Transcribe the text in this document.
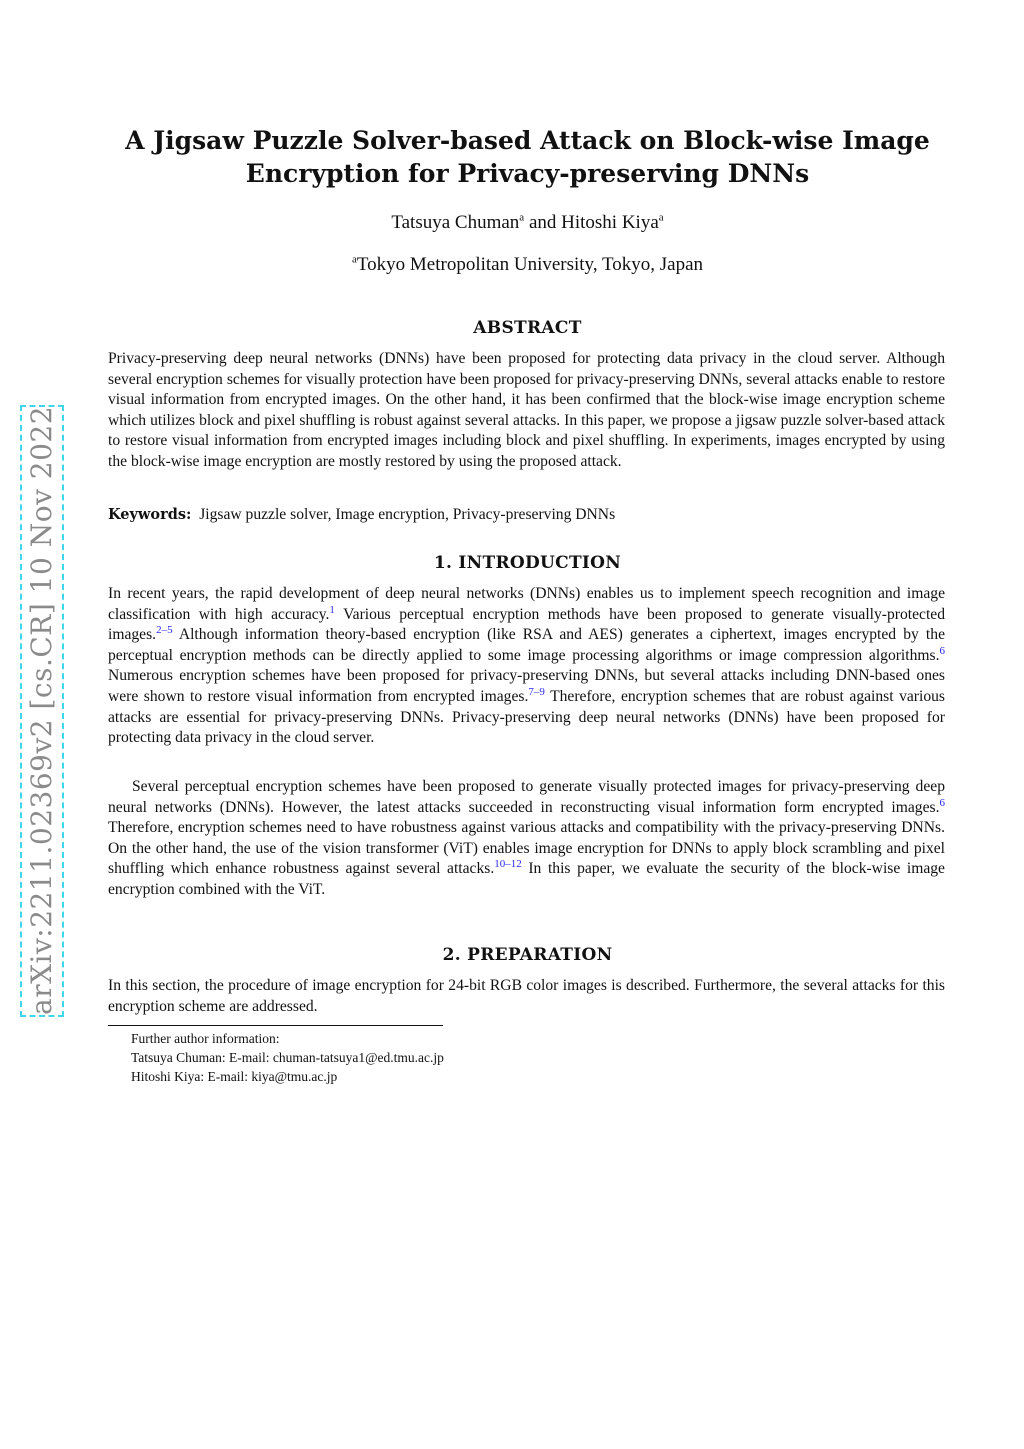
arXiv:2211.02369v2 [cs.CR] 10 Nov 2022
A Jigsaw Puzzle Solver-based Attack on Block-wise Image
Encryption for Privacy-preserving DNNs
Tatsuya Chuman$^a$ and Hitoshi Kiya$^a$
$^a$Tokyo Metropolitan University, Tokyo, Japan
ABSTRACT

Privacy-preserving deep neural networks (DNNs) have been proposed for protecting data privacy in the cloud server. Although several encryption schemes for visually protection have been proposed for privacy-preserving DNNs, several attacks enable to restore visual information from encrypted images. On the other hand, it has been confirmed that the block-wise image encryption scheme which utilizes block and pixel shuffling is robust against several attacks. In this paper, we propose a jigsaw puzzle solver-based attack to restore visual information from encrypted images including block and pixel shuffling. In experiments, images encrypted by using the block-wise image encryption are mostly restored by using the proposed attack.

Keywords: Jigsaw puzzle solver, Image encryption, Privacy-preserving DNNs

1. INTRODUCTION

In recent years, the rapid development of deep neural networks (DNNs) enables us to implement speech recognition and image classification with high accuracy.$^1$ Various perceptual encryption methods have been proposed to generate visually-protected images.$^{2-5}$ Although information theory-based encryption (like RSA and AES) generates a ciphertext, images encrypted by the perceptual encryption methods can be directly applied to some image processing algorithms or image compression algorithms.$^6$ Numerous encryption schemes have been proposed for privacy-preserving DNNs, but several attacks including DNN-based ones were shown to restore visual information from encrypted images.$^{7-9}$ Therefore, encryption schemes that are robust against various attacks are essential for privacy-preserving DNNs. Privacy-preserving deep neural networks (DNNs) have been proposed for protecting data privacy in the cloud server.

Several perceptual encryption schemes have been proposed to generate visually protected images for privacy-preserving deep neural networks (DNNs). However, the latest attacks succeeded in reconstructing visual information form encrypted images.$^6$ Therefore, encryption schemes need to have robustness against various attacks and compatibility with the privacy-preserving DNNs. On the other hand, the use of the vision transformer (ViT) enables image encryption for DNNs to apply block scrambling and pixel shuffling which enhance robustness against several attacks.$^{10-12}$ In this paper, we evaluate the security of the block-wise image encryption combined with the ViT.

2. PREPARATION

In this section, the procedure of image encryption for 24-bit RGB color images is described. Furthermore, the several attacks for this encryption scheme are addressed.

Further author information:
Tatsuya Chuman: E-mail: chuman-tatsuya1@ed.tmu.ac.jp
Hitoshi Kiya: E-mail: kiya@tmu.ac.jp
